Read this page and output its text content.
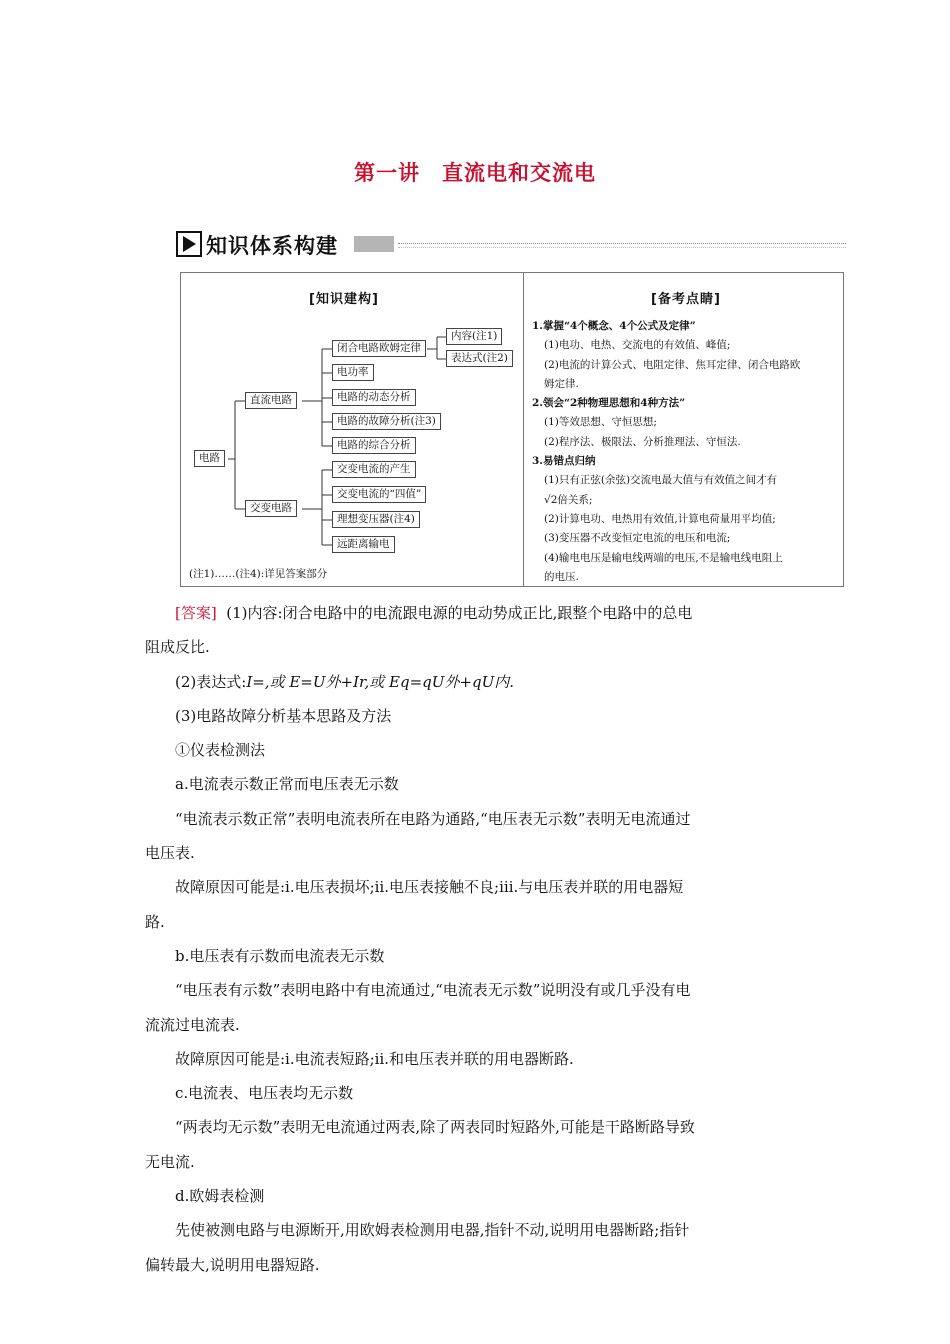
第一讲 直流电和交流电
知识体系构建
[知识建构]
电路
直流电路
交变电路
闭合电路欧姆定律
电功率
电路的动态分析
电路的故障分析(注3)
电路的综合分析
内容(注1)
表达式(注2)
交变电流的产生
交变电流的“四值”
理想变压器(注4)
远距离输电
(注1)……(注4):详见答案部分
[备考点睛]
1.掌握“4个概念、4个公式及定律”
(1)电功、电热、交流电的有效值、峰值;
(2)电流的计算公式、电阻定律、焦耳定律、闭合电路欧
姆定律.
2.领会“2种物理思想和4种方法”
(1)等效思想、守恒思想;
(2)程序法、极限法、分析推理法、守恒法.
3.易错点归纳
(1)只有正弦(余弦)交流电最大值与有效值之间才有
√2倍关系;
(2)计算电功、电热用有效值,计算电荷量用平均值;
(3)变压器不改变恒定电流的电压和电流;
(4)输电电压是输电线两端的电压,不是输电线电阻上
的电压.

[答案] (1)内容:闭合电路中的电流跟电源的电动势成正比,跟整个电路中的总电

阻成反比.

(2)表达式:I=,或 E=U外+Ir,或 Eq=qU外+qU内.

(3)电路故障分析基本思路及方法

①仪表检测法

a.电流表示数正常而电压表无示数

“电流表示数正常”表明电流表所在电路为通路,“电压表无示数”表明无电流通过

电压表.

故障原因可能是:ⅰ.电压表损坏;ⅱ.电压表接触不良;ⅲ.与电压表并联的用电器短

路.

b.电压表有示数而电流表无示数

“电压表有示数”表明电路中有电流通过,“电流表无示数”说明没有或几乎没有电

流流过电流表.

故障原因可能是:ⅰ.电流表短路;ⅱ.和电压表并联的用电器断路.

c.电流表、电压表均无示数

“两表均无示数”表明无电流通过两表,除了两表同时短路外,可能是干路断路导致

无电流.

d.欧姆表检测

先使被测电路与电源断开,用欧姆表检测用电器,指针不动,说明用电器断路;指针

偏转最大,说明用电器短路.
